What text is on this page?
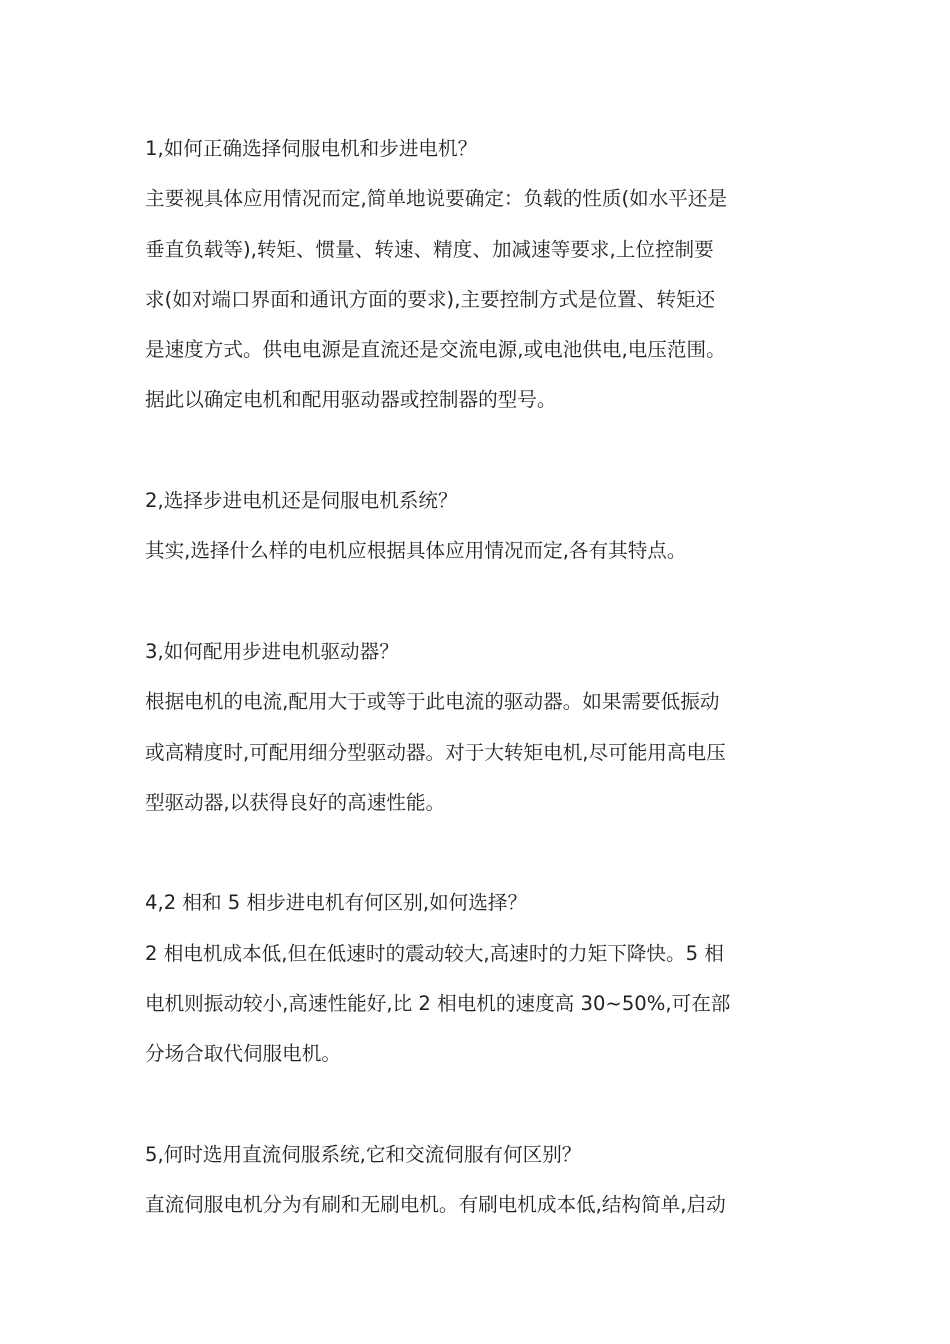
1,如何正确选择伺服电机和步进电机？

主要视具体应用情况而定,简单地说要确定：负载的性质(如水平还是
垂直负载等),转矩、惯量、转速、精度、加减速等要求,上位控制要
求(如对端口界面和通讯方面的要求),主要控制方式是位置、转矩还
是速度方式。供电电源是直流还是交流电源,或电池供电,电压范围。
据此以确定电机和配用驱动器或控制器的型号。

2,选择步进电机还是伺服电机系统？

其实,选择什么样的电机应根据具体应用情况而定,各有其特点。

3,如何配用步进电机驱动器？

根据电机的电流,配用大于或等于此电流的驱动器。如果需要低振动
或高精度时,可配用细分型驱动器。对于大转矩电机,尽可能用高电压
型驱动器,以获得良好的高速性能。

4,2 相和 5 相步进电机有何区别,如何选择？

2 相电机成本低,但在低速时的震动较大,高速时的力矩下降快。5 相
电机则振动较小,高速性能好,比 2 相电机的速度高 30~50%,可在部
分场合取代伺服电机。

5,何时选用直流伺服系统,它和交流伺服有何区别？

直流伺服电机分为有刷和无刷电机。有刷电机成本低,结构简单,启动
